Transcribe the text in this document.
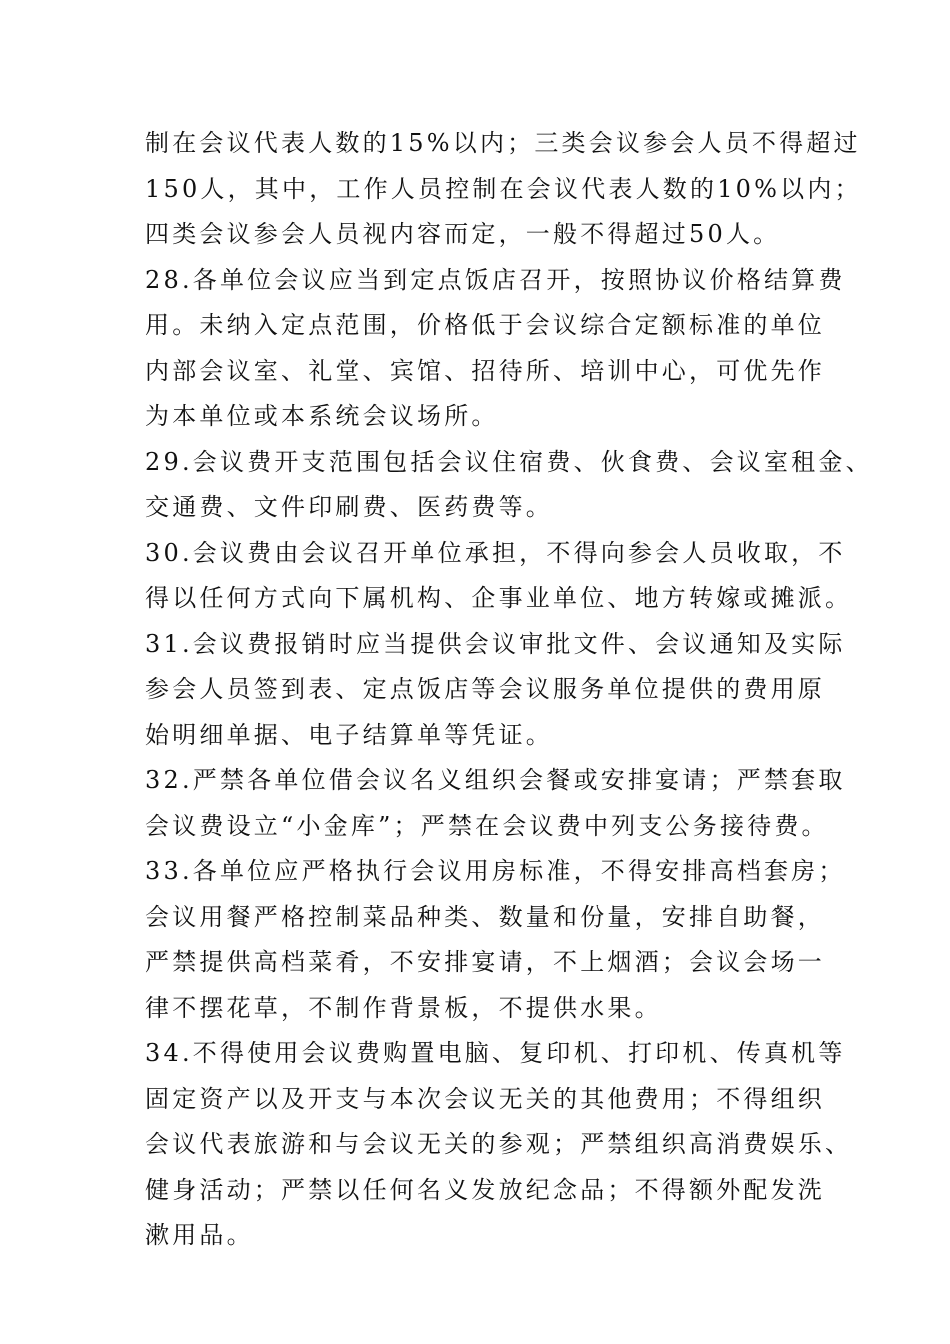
制在会议代表人数的15%以内；三类会议参会人员不得超过
150人，其中，工作人员控制在会议代表人数的10%以内；
四类会议参会人员视内容而定，一般不得超过50人。
28.各单位会议应当到定点饭店召开，按照协议价格结算费
用。未纳入定点范围，价格低于会议综合定额标准的单位
内部会议室、礼堂、宾馆、招待所、培训中心，可优先作
为本单位或本系统会议场所。
29.会议费开支范围包括会议住宿费、伙食费、会议室租金、
交通费、文件印刷费、医药费等。
30.会议费由会议召开单位承担，不得向参会人员收取，不
得以任何方式向下属机构、企事业单位、地方转嫁或摊派。
31.会议费报销时应当提供会议审批文件、会议通知及实际
参会人员签到表、定点饭店等会议服务单位提供的费用原
始明细单据、电子结算单等凭证。
32.严禁各单位借会议名义组织会餐或安排宴请；严禁套取
会议费设立“小金库”；严禁在会议费中列支公务接待费。
33.各单位应严格执行会议用房标准，不得安排高档套房；
会议用餐严格控制菜品种类、数量和份量，安排自助餐，
严禁提供高档菜肴，不安排宴请，不上烟酒；会议会场一
律不摆花草，不制作背景板，不提供水果。
34.不得使用会议费购置电脑、复印机、打印机、传真机等
固定资产以及开支与本次会议无关的其他费用；不得组织
会议代表旅游和与会议无关的参观；严禁组织高消费娱乐、
健身活动；严禁以任何名义发放纪念品；不得额外配发洗
漱用品。
